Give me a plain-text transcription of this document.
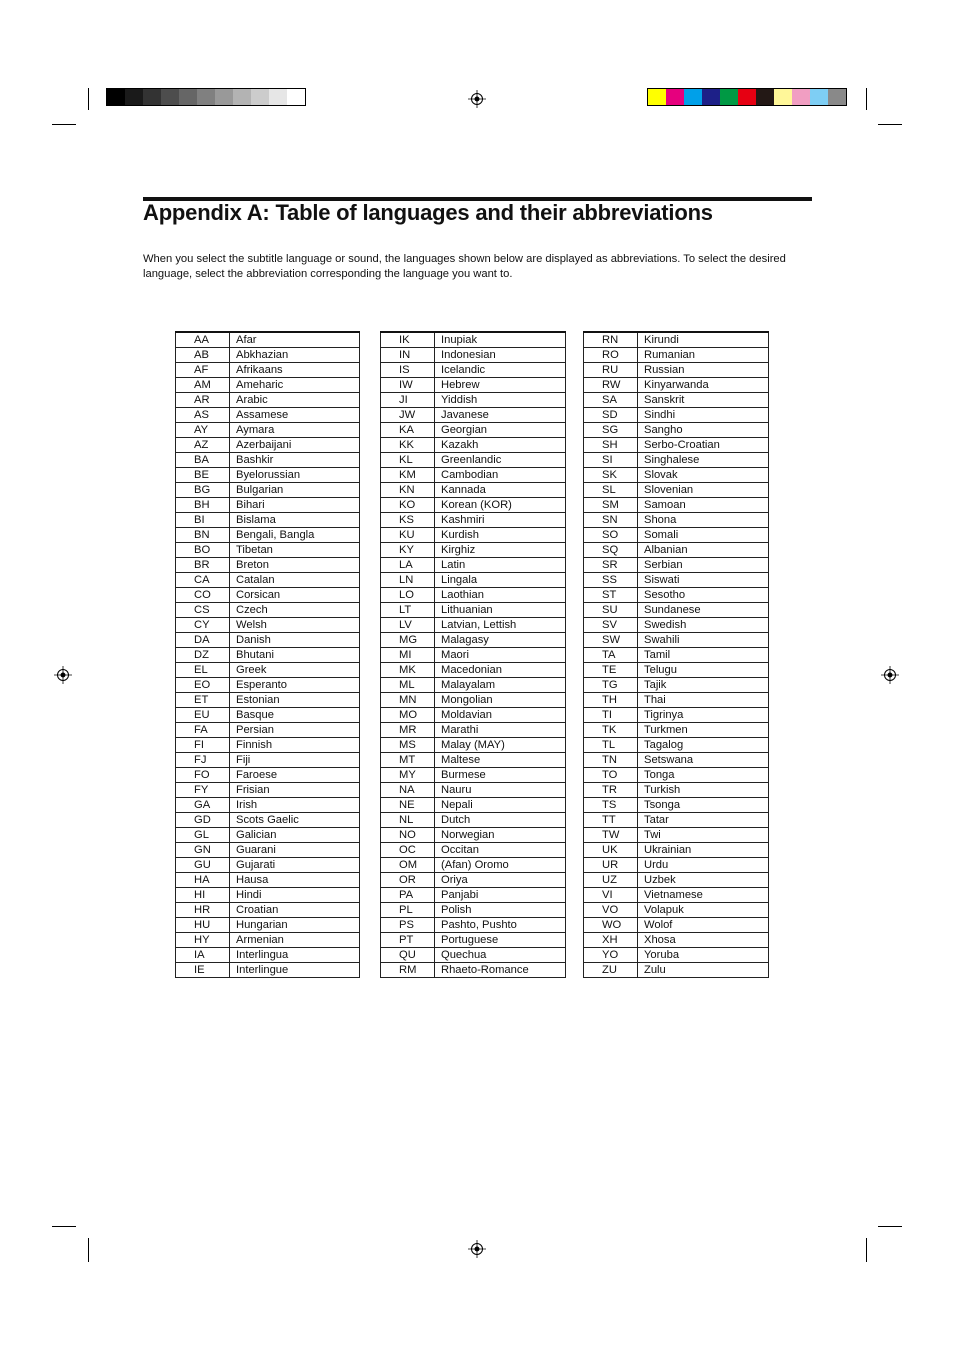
Appendix A: Table of languages and their abbreviations
When you select the subtitle language or sound, the languages shown below are displayed as abbreviations. To select the desired language, select the abbreviation corresponding the language you want to.
AA	Afar
AB	Abkhazian
AF	Afrikaans
AM	Ameharic
AR	Arabic
AS	Assamese
AY	Aymara
AZ	Azerbaijani
BA	Bashkir
BE	Byelorussian
BG	Bulgarian
BH	Bihari
BI	Bislama
BN	Bengali, Bangla
BO	Tibetan
BR	Breton
CA	Catalan
CO	Corsican
CS	Czech
CY	Welsh
DA	Danish
DZ	Bhutani
EL	Greek
EO	Esperanto
ET	Estonian
EU	Basque
FA	Persian
FI	Finnish
FJ	Fiji
FO	Faroese
FY	Frisian
GA	Irish
GD	Scots Gaelic
GL	Galician
GN	Guarani
GU	Gujarati
HA	Hausa
HI	Hindi
HR	Croatian
HU	Hungarian
HY	Armenian
IA	Interlingua
IE	Interlingue
IK	Inupiak
IN	Indonesian
IS	Icelandic
IW	Hebrew
JI	Yiddish
JW	Javanese
KA	Georgian
KK	Kazakh
KL	Greenlandic
KM	Cambodian
KN	Kannada
KO	Korean (KOR)
KS	Kashmiri
KU	Kurdish
KY	Kirghiz
LA	Latin
LN	Lingala
LO	Laothian
LT	Lithuanian
LV	Latvian, Lettish
MG	Malagasy
MI	Maori
MK	Macedonian
ML	Malayalam
MN	Mongolian
MO	Moldavian
MR	Marathi
MS	Malay (MAY)
MT	Maltese
MY	Burmese
NA	Nauru
NE	Nepali
NL	Dutch
NO	Norwegian
OC	Occitan
OM	(Afan) Oromo
OR	Oriya
PA	Panjabi
PL	Polish
PS	Pashto, Pushto
PT	Portuguese
QU	Quechua
RM	Rhaeto-Romance
RN	Kirundi
RO	Rumanian
RU	Russian
RW	Kinyarwanda
SA	Sanskrit
SD	Sindhi
SG	Sangho
SH	Serbo-Croatian
SI	Singhalese
SK	Slovak
SL	Slovenian
SM	Samoan
SN	Shona
SO	Somali
SQ	Albanian
SR	Serbian
SS	Siswati
ST	Sesotho
SU	Sundanese
SV	Swedish
SW	Swahili
TA	Tamil
TE	Telugu
TG	Tajik
TH	Thai
TI	Tigrinya
TK	Turkmen
TL	Tagalog
TN	Setswana
TO	Tonga
TR	Turkish
TS	Tsonga
TT	Tatar
TW	Twi
UK	Ukrainian
UR	Urdu
UZ	Uzbek
VI	Vietnamese
VO	Volapuk
WO	Wolof
XH	Xhosa
YO	Yoruba
ZU	Zulu
